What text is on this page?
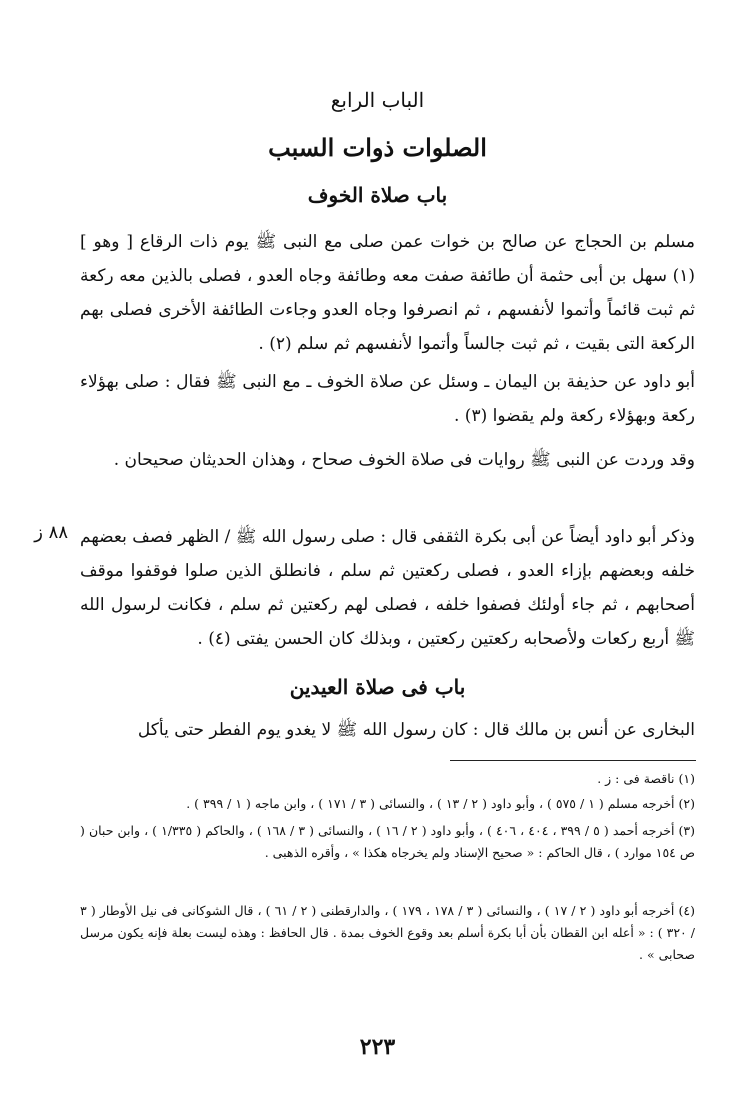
الباب الرابع
الصلوات ذوات السبب
باب صلاة الخوف

مسلم بن الحجاج عن صالح بن خوات عمن صلى مع النبى ﷺ يوم ذات الرقاع [ وهو ] (١) سهل بن أبى حثمة أن طائفة صفت معه وطائفة وجاه العدو ، فصلى بالذين معه ركعة ثم ثبت قائماً وأتموا لأنفسهم ، ثم انصرفوا وجاه العدو وجاءت الطائفة الأخرى فصلى بهم الركعة التى بقيت ، ثم ثبت جالساً وأتموا لأنفسهم ثم سلم (٢) .

أبو داود عن حذيفة بن اليمان ـ وسئل عن صلاة الخوف ـ مع النبى ﷺ فقال : صلى بهؤلاء ركعة وبهؤلاء ركعة ولم يقضوا (٣) .

وقد وردت عن النبى ﷺ روايات فى صلاة الخوف صحاح ، وهذان الحديثان صحيحان .

وذكر أبو داود أيضاً عن أبى بكرة الثقفى قال : صلى رسول الله ﷺ / الظهر فصف بعضهم خلفه وبعضهم بإزاء العدو ، فصلى ركعتين ثم سلم ، فانطلق الذين صلوا فوقفوا موقف أصحابهم ، ثم جاء أولئك فصفوا خلفه ، فصلى لهم ركعتين ثم سلم ، فكانت لرسول الله ﷺ أربع ركعات ولأصحابه ركعتين ركعتين ، وبذلك كان الحسن يفتى (٤) .

٨٨ ز
باب فى صلاة العيدين

البخارى عن أنس بن مالك قال : كان رسول الله ﷺ لا يغدو يوم الفطر حتى يأكل

(١) ناقصة فى : ز .

(٢) أخرجه مسلم ( ١ / ٥٧٥ ) ، وأبو داود ( ٢ / ١٣ ) ، والنسائى ( ٣ / ١٧١ ) ، وابن ماجه ( ١ / ٣٩٩ ) .

(٣) أخرجه أحمد ( ٥ / ٣٩٩ ، ٤٠٤ ، ٤٠٦ ) ، وأبو داود ( ٢ / ١٦ ) ، والنسائى ( ٣ / ١٦٨ ) ، والحاكم ( ١/٣٣٥ ) ، وابن حبان ( ص ١٥٤ موارد ) ، قال الحاكم : « صحيح الإسناد ولم يخرجاه هكذا » ، وأقره الذهبى .

(٤) أخرجه أبو داود ( ٢ / ١٧ ) ، والنسائى ( ٣ / ١٧٨ ، ١٧٩ ) ، والدارقطنى ( ٢ / ٦١ ) ، قال الشوكانى فى نيل الأوطار ( ٣ / ٣٢٠ ) : « أعله ابن القطان بأن أبا بكرة أسلم بعد وقوع الخوف بمدة . قال الحافظ : وهذه ليست بعلة فإنه يكون مرسل صحابى » .

٢٢٣
